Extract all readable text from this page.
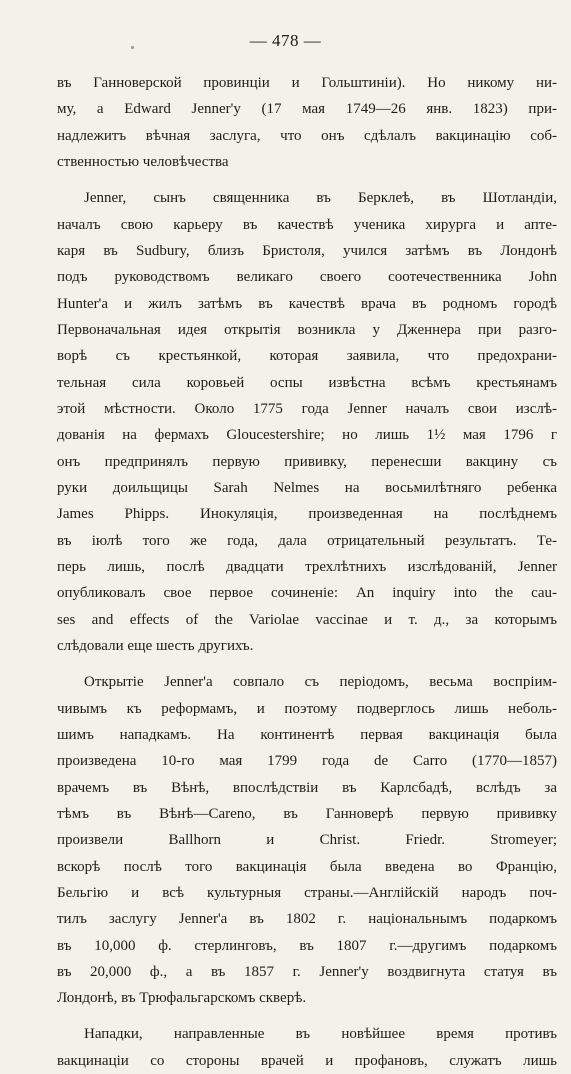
— 478 —
въ Ганноверской провинціи и Гольштиніи). Но никому ни-
му, а Edward Jenner'у (17 мая 1749—26 янв. 1823) при-
надлежитъ вѣчная заслуга, что онъ сдѣлалъ вакцинацію соб-
ственностью человѣчества
Jenner, сынъ священника въ Берклеѣ, въ Шотландіи,
началъ свою карьеру въ качествѣ ученика хирурга и апте-
каря въ Sudbury, близъ Бристоля, учился затѣмъ въ Лондонѣ
подъ руководствомъ великаго своего соотечественника John
Hunter'а и жилъ затѣмъ въ качествѣ врача въ родномъ городѣ
Первоначальная идея открытія возникла у Дженнера при разго-
ворѣ съ крестьянкой, которая заявила, что предохрани-
тельная сила коровьей оспы извѣстна всѣмъ крестьянамъ
этой мѣстности. Около 1775 года Jenner началъ свои изслѣ-
дованія на фермахъ Gloucestershire; но лишь 1½ мая 1796 г
онъ предпринялъ первую прививку, перенесши вакцину съ
руки доильщицы Sarah Nelmes на восьмилѣтняго ребенка
James Phipps. Инокуляція, произведенная на послѣднемъ
въ іюлѣ того же года, дала отрицательный результатъ. Те-
перь лишь, послѣ двадцати трехлѣтнихъ изслѣдованій, Jenner
опубликовалъ свое первое сочиненіе: An inquiry into the cau-
ses and effects of the Variolae vaccinae и т. д., за которымъ
слѣдовали еще шесть другихъ.
Открытіе Jenner'а совпало съ періодомъ, весьма воспріим-
чивымъ къ реформамъ, и поэтому подверглось лишь неболь-
шимъ нападкамъ. На континентѣ первая вакцинація была
произведена 10-го мая 1799 года de Carro (1770—1857)
врачемъ въ Вѣнѣ, впослѣдствіи въ Карлсбадѣ, вслѣдъ за
тѣмъ въ Вѣнѣ—Careno, въ Ганноверѣ первую прививку
произвели Ballhorn и Christ. Friedr. Stromeyer;
вскорѣ послѣ того вакцинація была введена во Францію,
Бельгію и всѣ культурныя страны.—Англійскій народъ поч-
тилъ заслугу Jenner'а въ 1802 г. національнымъ подаркомъ
въ 10,000 ф. стерлинговъ, въ 1807 г.—другимъ подаркомъ
въ 20,000 ф., а въ 1857 г. Jenner'у воздвигнута статуя въ
Лондонѣ, въ Трюфальгарскомъ скверѣ.
Нападки, направленные въ новѣйшее время противъ
вакцинаціи со стороны врачей и профановъ, служатъ лишь
